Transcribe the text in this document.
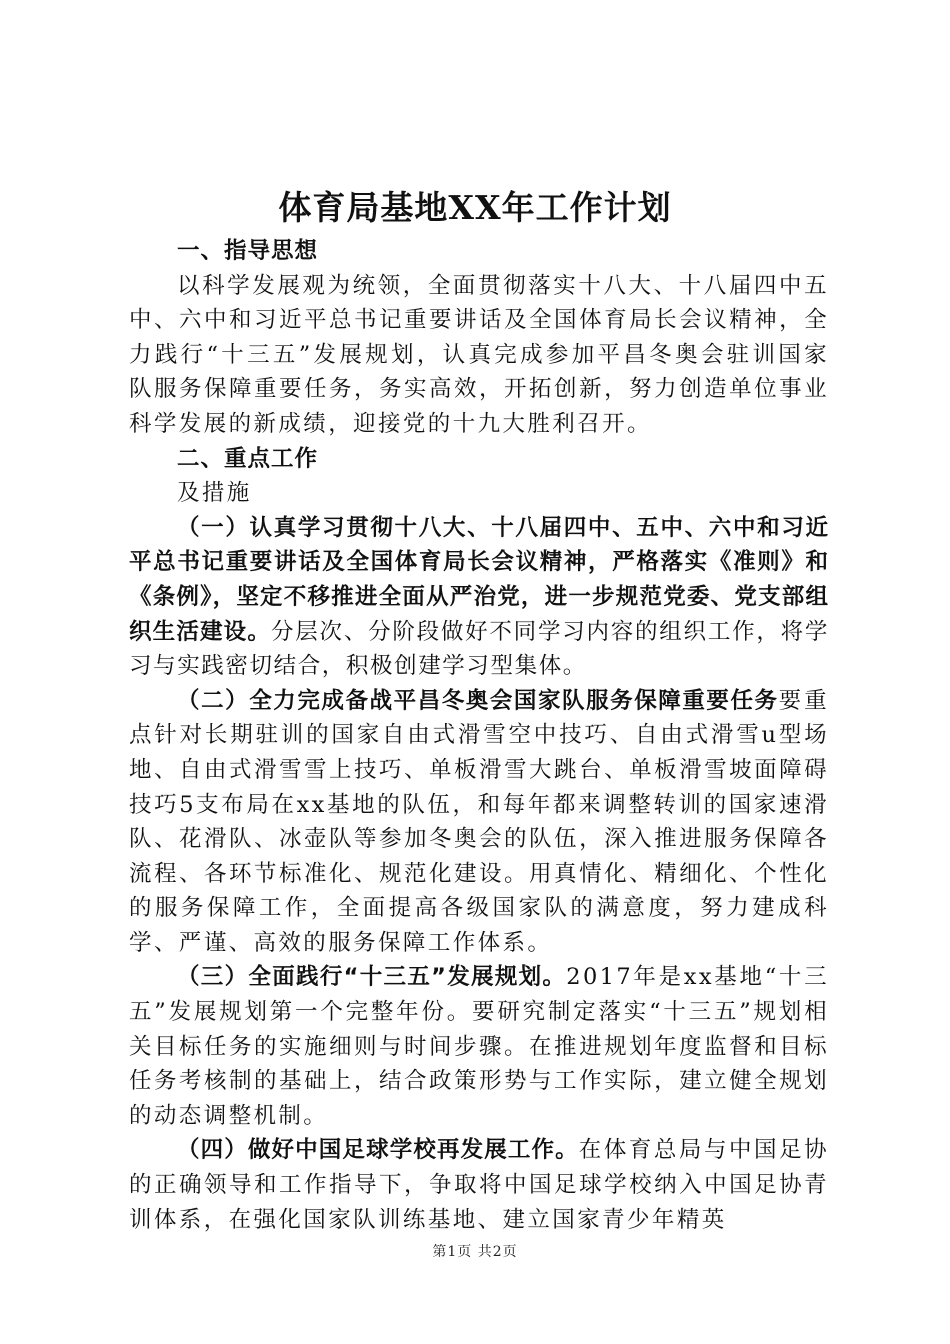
体育局基地XX年工作计划

一、指导思想

以科学发展观为统领，全面贯彻落实十八大、十八届四中五中、六中和习近平总书记重要讲话及全国体育局长会议精神，全力践行“十三五”发展规划，认真完成参加平昌冬奥会驻训国家队服务保障重要任务，务实高效，开拓创新，努力创造单位事业科学发展的新成绩，迎接党的十九大胜利召开。

二、重点工作

及措施

（一）认真学习贯彻十八大、十八届四中、五中、六中和习近平总书记重要讲话及全国体育局长会议精神，严格落实《准则》和《条例》，坚定不移推进全面从严治党，进一步规范党委、党支部组织生活建设。分层次、分阶段做好不同学习内容的组织工作，将学习与实践密切结合，积极创建学习型集体。

（二）全力完成备战平昌冬奥会国家队服务保障重要任务要重点针对长期驻训的国家自由式滑雪空中技巧、自由式滑雪u型场地、自由式滑雪雪上技巧、单板滑雪大跳台、单板滑雪坡面障碍技巧5支布局在xx基地的队伍，和每年都来调整转训的国家速滑队、花滑队、冰壶队等参加冬奥会的队伍，深入推进服务保障各流程、各环节标准化、规范化建设。用真情化、精细化、个性化的服务保障工作，全面提高各级国家队的满意度，努力建成科学、严谨、高效的服务保障工作体系。

（三）全面践行“十三五”发展规划。2017年是xx基地“十三五”发展规划第一个完整年份。要研究制定落实“十三五”规划相关目标任务的实施细则与时间步骤。在推进规划年度监督和目标任务考核制的基础上，结合政策形势与工作实际，建立健全规划的动态调整机制。

（四）做好中国足球学校再发展工作。在体育总局与中国足协的正确领导和工作指导下，争取将中国足球学校纳入中国足协青训体系，在强化国家队训练基地、建立国家青少年精英

第1页 共2页
